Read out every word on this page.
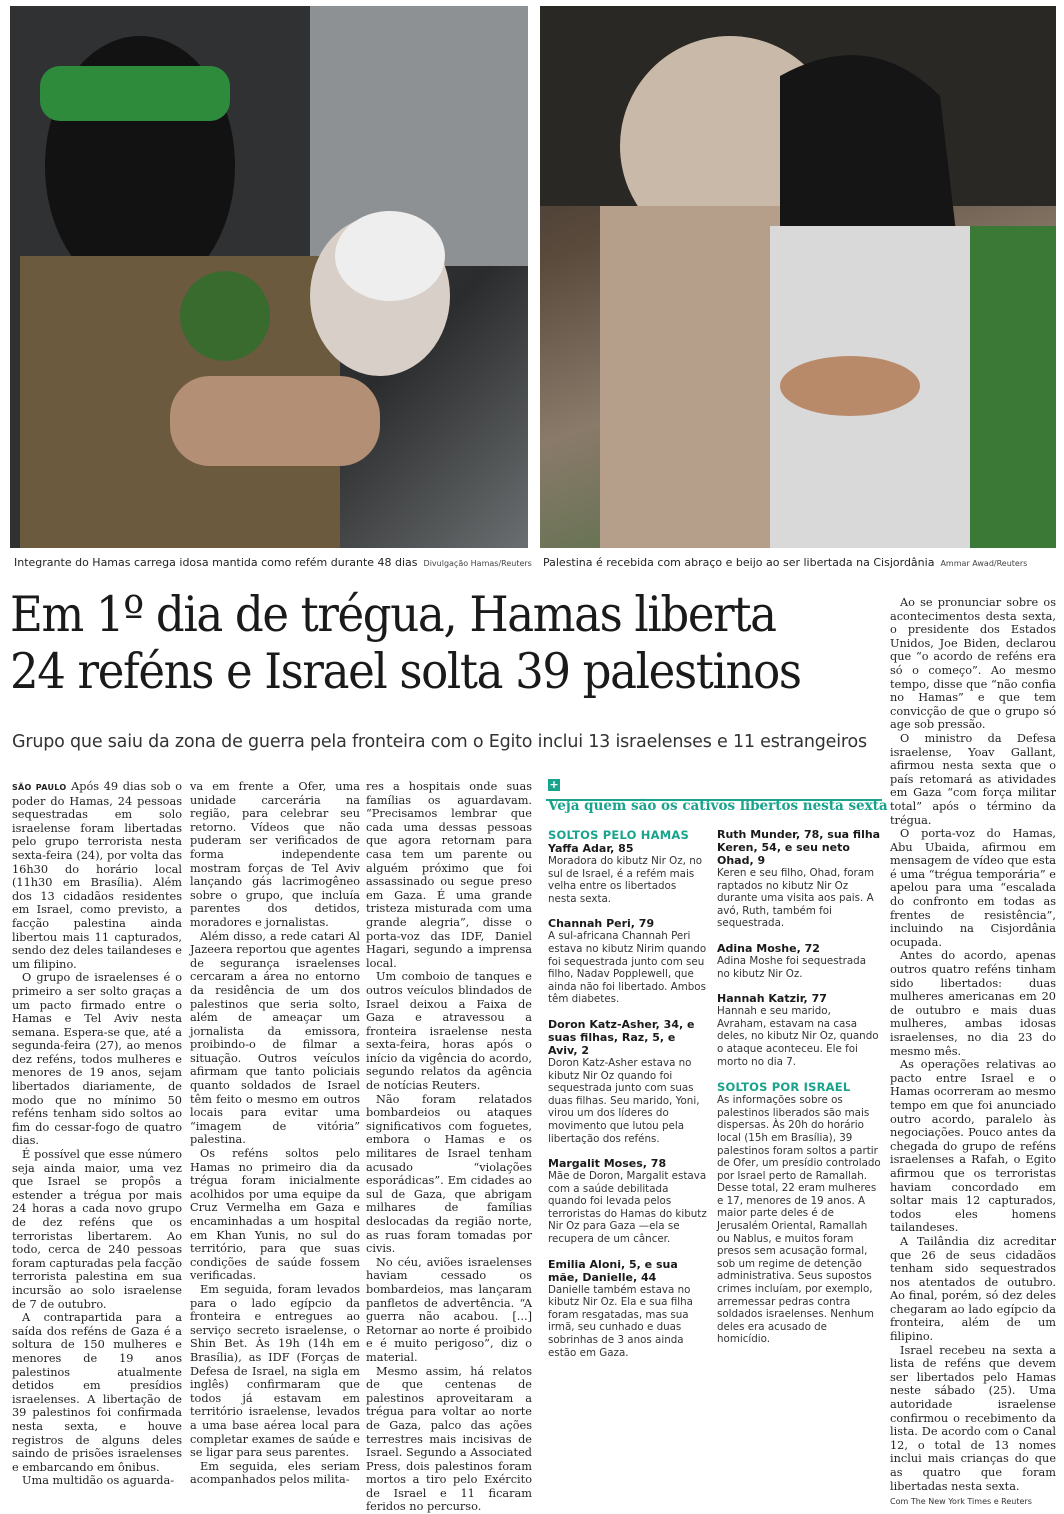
Integrante do Hamas carrega idosa mantida como refém durante 48 dias Divulgação Hamas/Reuters Palestina é recebida com abraço e beijo ao ser libertada na Cisjordânia Ammar Awad/Reuters
Em 1º dia de trégua, Hamas liberta
24 reféns e Israel solta 39 palestinos
Grupo que saiu da zona de guerra pela fronteira com o Egito inclui 13 israelenses e 11 estrangeiros

SÃO PAULO Após 49 dias sob o poder do Hamas, 24 pessoas sequestradas em solo israelense foram libertadas pelo grupo terrorista nesta sexta-feira (24), por volta das 16h30 do horário local (11h30 em Brasília). Além dos 13 cidadãos residentes em Israel, como previsto, a facção palestina ainda libertou mais 11 capturados, sendo dez deles tailandeses e um filipino.

O grupo de israelenses é o primeiro a ser solto graças a um pacto firmado entre o Hamas e Tel Aviv nesta semana. Espera-se que, até a segunda-feira (27), ao menos dez reféns, todos mulheres e menores de 19 anos, sejam libertados diariamente, de modo que no mínimo 50 reféns tenham sido soltos ao fim do cessar-fogo de quatro dias.

É possível que esse número seja ainda maior, uma vez que Israel se propôs a estender a trégua por mais 24 horas a cada novo grupo de dez reféns que os terroristas libertarem. Ao todo, cerca de 240 pessoas foram capturadas pela facção terrorista palestina em sua incursão ao solo israelense de 7 de outubro.

A contrapartida para a saída dos reféns de Gaza é a soltura de 150 mulheres e menores de 19 anos palestinos atualmente detidos em presídios israelenses. A libertação de 39 palestinos foi confirmada nesta sexta, e houve registros de alguns deles saindo de prisões israelenses e embarcando em ônibus.

Uma multidão os aguarda-

va em frente a Ofer, uma unidade carcerária na região, para celebrar seu retorno. Vídeos que não puderam ser verificados de forma independente mostram forças de Tel Aviv lançando gás lacrimogêneo sobre o grupo, que incluía parentes dos detidos, moradores e jornalistas.

Além disso, a rede catari Al Jazeera reportou que agentes de segurança israelenses cercaram a área no entorno da residência de um dos palestinos que seria solto, além de ameaçar um jornalista da emissora, proibindo-o de filmar a situação. Outros veículos afirmam que tanto policiais quanto soldados de Israel têm feito o mesmo em outros locais para evitar uma “imagem de vitória” palestina.

Os reféns soltos pelo Hamas no primeiro dia da trégua foram inicialmente acolhidos por uma equipe da Cruz Vermelha em Gaza e encaminhadas a um hospital em Khan Yunis, no sul do território, para que suas condições de saúde fossem verificadas.

Em seguida, foram levados para o lado egípcio da fronteira e entregues ao serviço secreto israelense, o Shin Bet. Às 19h (14h em Brasília), as IDF (Forças de Defesa de Israel, na sigla em inglês) confirmaram que todos já estavam em território israelense, levados a uma base aérea local para completar exames de saúde e se ligar para seus parentes.

Em seguida, eles seriam acompanhados pelos milita-

res a hospitais onde suas famílias os aguardavam. “Precisamos lembrar que cada uma dessas pessoas que agora retornam para casa tem um parente ou alguém próximo que foi assassinado ou segue preso em Gaza. É uma grande tristeza misturada com uma grande alegria”, disse o porta-voz das IDF, Daniel Hagari, segundo a imprensa local.

Um comboio de tanques e outros veículos blindados de Israel deixou a Faixa de Gaza e atravessou a fronteira israelense nesta sexta-feira, horas após o início da vigência do acordo, segundo relatos da agência de notícias Reuters.

Não foram relatados bombardeios ou ataques significativos com foguetes, embora o Hamas e os militares de Israel tenham acusado “violações esporádicas”. Em cidades ao sul de Gaza, que abrigam milhares de famílias deslocadas da região norte, as ruas foram tomadas por civis.

No céu, aviões israelenses haviam cessado os bombardeios, mas lançaram panfletos de advertência. “A guerra não acabou. [...] Retornar ao norte é proibido e é muito perigoso”, diz o material.

Mesmo assim, há relatos de que centenas de palestinos aproveitaram a trégua para voltar ao norte de Gaza, palco das ações terrestres mais incisivas de Israel. Segundo a Associated Press, dois palestinos foram mortos a tiro pelo Exército de Israel e 11 ficaram feridos no percurso.

Ao se pronunciar sobre os acontecimentos desta sexta, o presidente dos Estados Unidos, Joe Biden, declarou que “o acordo de reféns era só o começo”. Ao mesmo tempo, disse que “não confia no Hamas” e que tem convicção de que o grupo só age sob pressão.

O ministro da Defesa israelense, Yoav Gallant, afirmou nesta sexta que o país retomará as atividades em Gaza “com força militar total” após o término da trégua.

O porta-voz do Hamas, Abu Ubaida, afirmou em mensagem de vídeo que esta é uma “trégua temporária” e apelou para uma “escalada do confronto em todas as frentes de resistência”, incluindo na Cisjordânia ocupada.

Antes do acordo, apenas outros quatro reféns tinham sido libertados: duas mulheres americanas em 20 de outubro e mais duas mulheres, ambas idosas israelenses, no dia 23 do mesmo mês.

As operações relativas ao pacto entre Israel e o Hamas ocorreram ao mesmo tempo em que foi anunciado outro acordo, paralelo às negociações. Pouco antes da chegada do grupo de reféns israelenses a Rafah, o Egito afirmou que os terroristas haviam concordado em soltar mais 12 capturados, todos eles homens tailandeses.

A Tailândia diz acreditar que 26 de seus cidadãos tenham sido sequestrados nos atentados de outubro. Ao final, porém, só dez deles chegaram ao lado egípcio da fronteira, além de um filipino.

Israel recebeu na sexta a lista de reféns que devem ser libertados pelo Hamas neste sábado (25). Uma autoridade israelense confirmou o recebimento da lista. De acordo com o Canal 12, o total de 13 nomes inclui mais crianças do que as quatro que foram libertadas nesta sexta.

Com The New York Times e Reuters

+
Veja quem são os cativos libertos nesta sexta
SOLTOS PELO HAMAS
Yaffa Adar, 85
Moradora do kibutz Nir Oz, no sul de Israel, é a refém mais velha entre os libertados nesta sexta.
Channah Peri, 79
A sul-africana Channah Peri estava no kibutz Nirim quando foi sequestrada junto com seu filho, Nadav Popplewell, que ainda não foi libertado. Ambos têm diabetes.
Doron Katz-Asher, 34, e suas filhas, Raz, 5, e Aviv, 2
Doron Katz-Asher estava no kibutz Nir Oz quando foi sequestrada junto com suas duas filhas. Seu marido, Yoni, virou um dos líderes do movimento que lutou pela libertação dos reféns.
Margalit Moses, 78
Mãe de Doron, Margalit estava com a saúde debilitada quando foi levada pelos terroristas do Hamas do kibutz Nir Oz para Gaza —ela se recupera de um câncer.
Emilia Aloni, 5, e sua mãe, Danielle, 44
Danielle também estava no kibutz Nir Oz. Ela e sua filha foram resgatadas, mas sua irmã, seu cunhado e duas sobrinhas de 3 anos ainda estão em Gaza.
Ruth Munder, 78, sua filha Keren, 54, e seu neto Ohad, 9
Keren e seu filho, Ohad, foram raptados no kibutz Nir Oz durante uma visita aos pais. A avó, Ruth, também foi sequestrada.
Adina Moshe, 72
Adina Moshe foi sequestrada no kibutz Nir Oz.
Hannah Katzir, 77
Hannah e seu marido, Avraham, estavam na casa deles, no kibutz Nir Oz, quando o ataque aconteceu. Ele foi morto no dia 7.
SOLTOS POR ISRAEL
As informações sobre os palestinos liberados são mais dispersas. Às 20h do horário local (15h em Brasília), 39 palestinos foram soltos a partir de Ofer, um presídio controlado por Israel perto de Ramallah. Desse total, 22 eram mulheres e 17, menores de 19 anos. A maior parte deles é de Jerusalém Oriental, Ramallah ou Nablus, e muitos foram presos sem acusação formal, sob um regime de detenção administrativa. Seus supostos crimes incluíam, por exemplo, arremessar pedras contra soldados israelenses. Nenhum deles era acusado de homicídio.
